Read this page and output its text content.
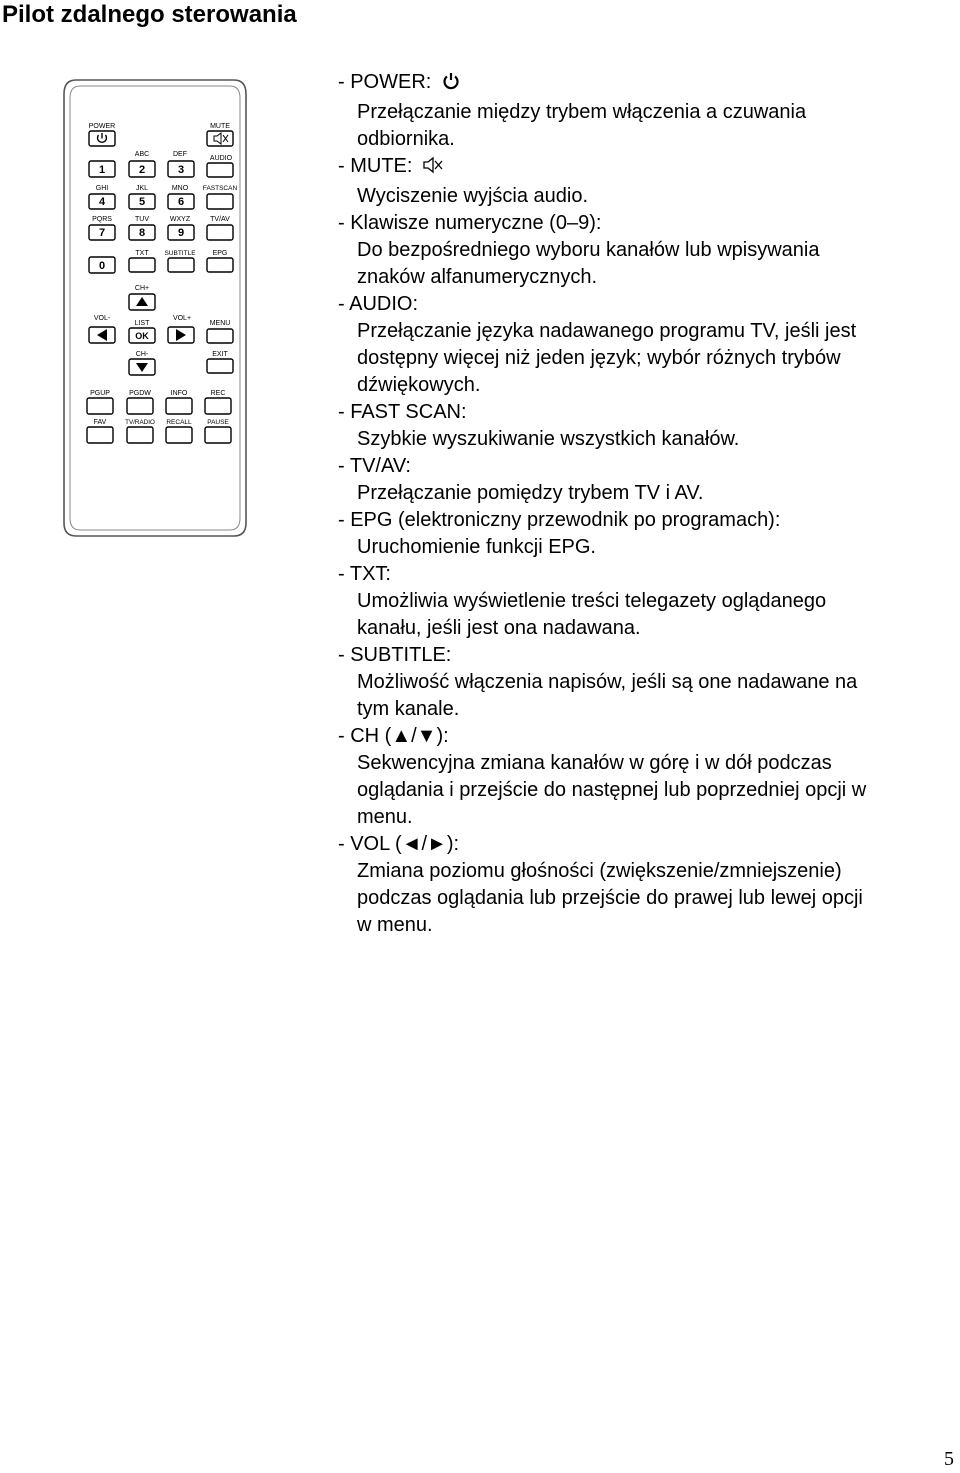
Pilot zdalnego sterowania
POWER	MUTE
ABC	DEF
AUDIO
1	2	3
GHI	JKL	MNO FASTSCAN
4	5	6
PQRS	TUV	WXYZ	TV/AV
7	8	9
TXT SUBTITLE EPG
0
CH+
VOL-
LIST
VOL+
MENU
OK
CH-	EXIT
PGUP	PGDW	INFO	REC
FAV	TV/RADIO RECALL PAUSE
- POWER:
Przełączanie między trybem włączenia a czuwania
odbiornika.
- MUTE:
Wyciszenie wyjścia audio.
- Klawisze numeryczne (0–9):
Do bezpośredniego wyboru kanałów lub wpisywania
znaków alfanumerycznych.
- AUDIO:
Przełączanie języka nadawanego programu TV, jeśli jest
dostępny więcej niż jeden język; wybór różnych trybów
dźwiękowych.
- FAST SCAN:
Szybkie wyszukiwanie wszystkich kanałów.
- TV/AV:
Przełączanie pomiędzy trybem TV i AV.
- EPG (elektroniczny przewodnik po programach):
Uruchomienie funkcji EPG.
- TXT:
Umożliwia wyświetlenie treści telegazety oglądanego
kanału, jeśli jest ona nadawana.
- SUBTITLE:
Możliwość włączenia napisów, jeśli są one nadawane na
tym kanale.
- CH (▲/▼):
Sekwencyjna zmiana kanałów w górę i w dół podczas
oglądania i przejście do następnej lub poprzedniej opcji w
menu.
- VOL (◄/►):
Zmiana poziomu głośności (zwiększenie/zmniejszenie)
podczas oglądania lub przejście do prawej lub lewej opcji
w menu.
5
